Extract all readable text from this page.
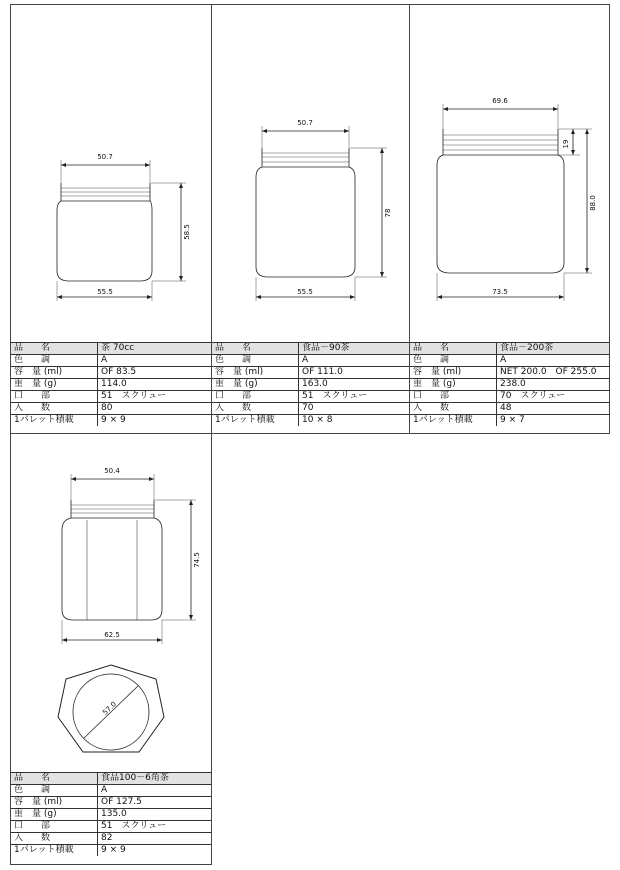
50.7
58.5
55.5
品　　名	茶 70cc
色　　調	A
容　量 (ml)	OF 83.5
重　量 (g)	114.0
口　　部	51　スクリュー
入　　数	80
1パレット積載	9 × 9
50.7
78
55.5
品　　名	食品－90茶
色　　調	A
容　量 (ml)	OF 111.0
重　量 (g)	163.0
口　　部	51　スクリュー
入　　数	70
1パレット積載	10 × 8
69.6
19
88.0
73.5
品　　名	食品－200茶
色　　調	A
容　量 (ml)	NET 200.0　OF 255.0
重　量 (g)	238.0
口　　部	70　スクリュー
入　　数	48
1パレット積載	9 × 7
50.4
74.5
62.5
57.0
品　　名	食品100－6角茶
色　　調	A
容　量 (ml)	OF 127.5
重　量 (g)	135.0
口　　部	51　スクリュー
入　　数	82
1パレット積載	9 × 9
